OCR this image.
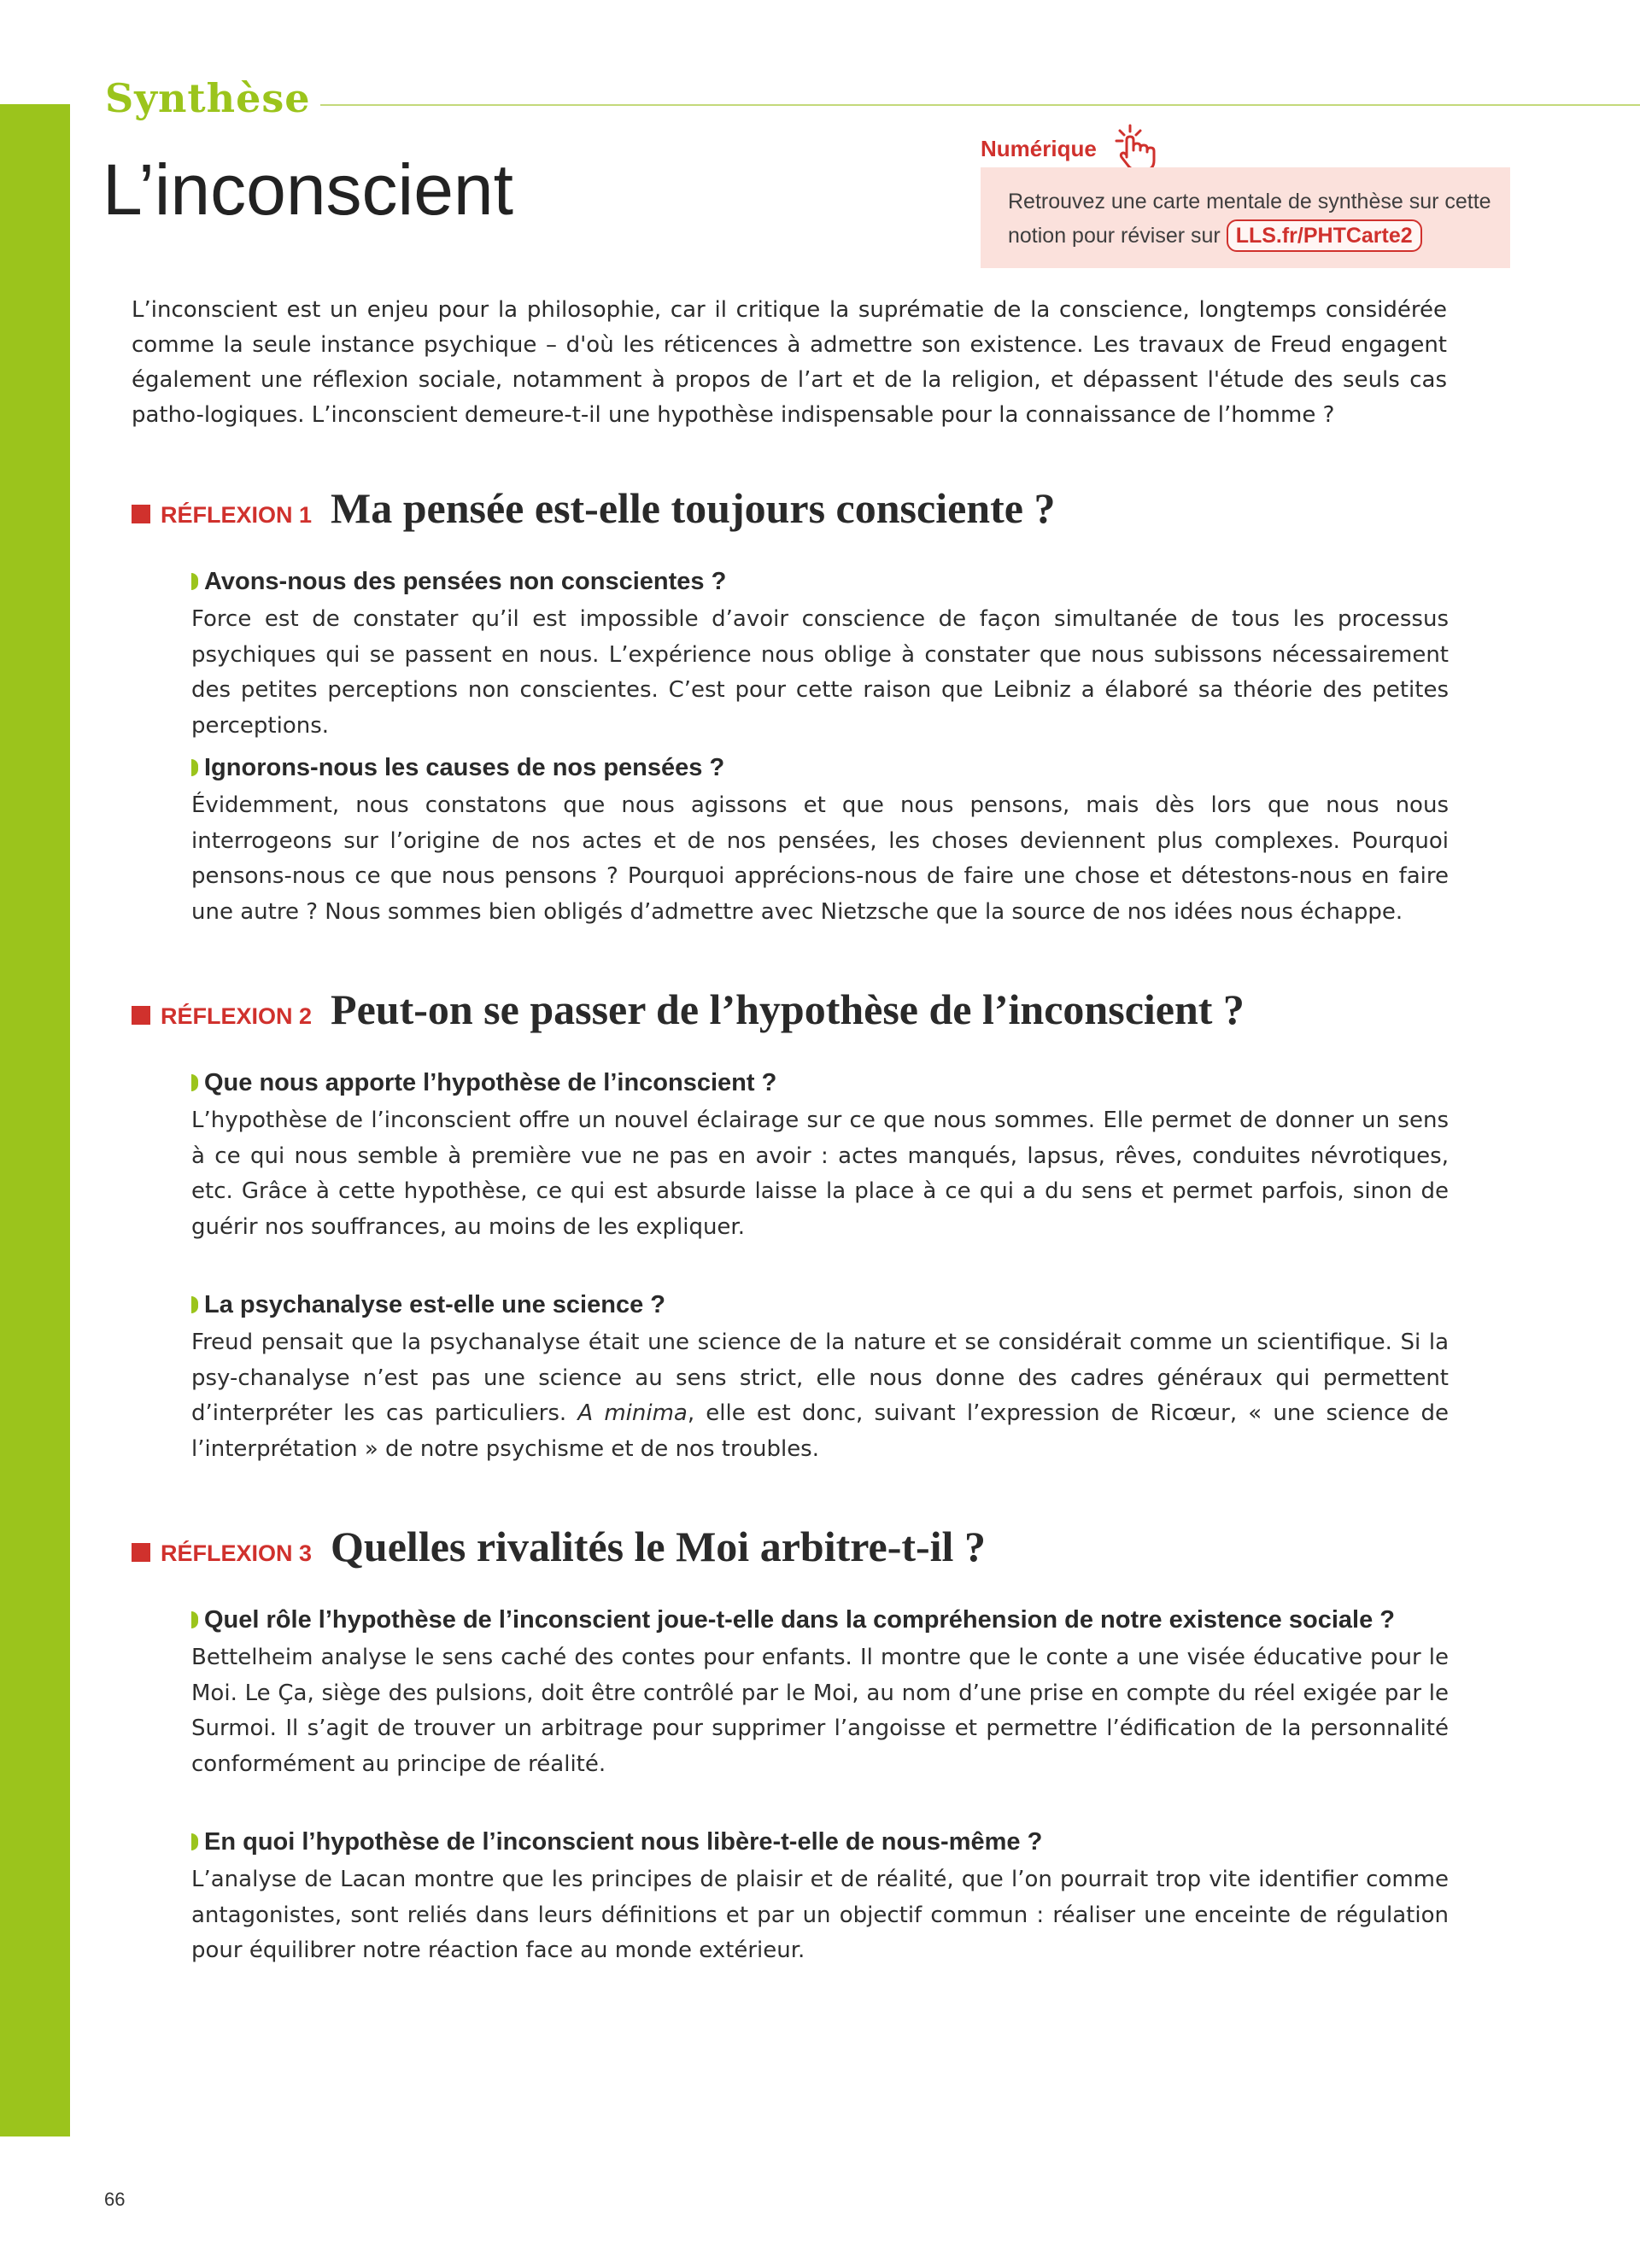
Synthèse
L’inconscient
Numérique
Retrouvez une carte mentale de synthèse sur cette notion pour réviser sur LLS.fr/PHTCarte2

L’inconscient est un enjeu pour la philosophie, car il critique la suprématie de la conscience, longtemps considérée comme la seule instance psychique – d'où les réticences à admettre son existence. Les travaux de Freud engagent également une réflexion sociale, notamment à propos de l’art et de la religion, et dépassent l'étude des seuls cas patho-logiques. L’inconscient demeure-t-il une hypothèse indispensable pour la connaissance de l’homme ?

RÉFLEXION 1 Ma pensée est-elle toujours consciente ?
Avons-nous des pensées non conscientes ?

Force est de constater qu’il est impossible d’avoir conscience de façon simultanée de tous les processus psychiques qui se passent en nous. L’expérience nous oblige à constater que nous subissons nécessairement des petites perceptions non conscientes. C’est pour cette raison que Leibniz a élaboré sa théorie des petites perceptions.

Ignorons-nous les causes de nos pensées ?

Évidemment, nous constatons que nous agissons et que nous pensons, mais dès lors que nous nous interrogeons sur l’origine de nos actes et de nos pensées, les choses deviennent plus complexes. Pourquoi pensons-nous ce que nous pensons ? Pourquoi apprécions-nous de faire une chose et détestons-nous en faire une autre ? Nous sommes bien obligés d’admettre avec Nietzsche que la source de nos idées nous échappe.

RÉFLEXION 2 Peut-on se passer de l’hypothèse de l’inconscient ?
Que nous apporte l’hypothèse de l’inconscient ?

L’hypothèse de l’inconscient offre un nouvel éclairage sur ce que nous sommes. Elle permet de donner un sens à ce qui nous semble à première vue ne pas en avoir : actes manqués, lapsus, rêves, conduites névrotiques, etc. Grâce à cette hypothèse, ce qui est absurde laisse la place à ce qui a du sens et permet parfois, sinon de guérir nos souffrances, au moins de les expliquer.

La psychanalyse est-elle une science ?

Freud pensait que la psychanalyse était une science de la nature et se considérait comme un scientifique. Si la psy-chanalyse n’est pas une science au sens strict, elle nous donne des cadres généraux qui permettent d’interpréter les cas particuliers. A minima, elle est donc, suivant l’expression de Ricœur, « une science de l’interprétation » de notre psychisme et de nos troubles.

RÉFLEXION 3 Quelles rivalités le Moi arbitre-t-il ?
Quel rôle l’hypothèse de l’inconscient joue-t-elle dans la compréhension de notre existence sociale ?

Bettelheim analyse le sens caché des contes pour enfants. Il montre que le conte a une visée éducative pour le Moi. Le Ça, siège des pulsions, doit être contrôlé par le Moi, au nom d’une prise en compte du réel exigée par le Surmoi. Il s’agit de trouver un arbitrage pour supprimer l’angoisse et permettre l’édification de la personnalité conformément au principe de réalité.

En quoi l’hypothèse de l’inconscient nous libère-t-elle de nous-même ?

L’analyse de Lacan montre que les principes de plaisir et de réalité, que l’on pourrait trop vite identifier comme antagonistes, sont reliés dans leurs définitions et par un objectif commun : réaliser une enceinte de régulation pour équilibrer notre réaction face au monde extérieur.

66
